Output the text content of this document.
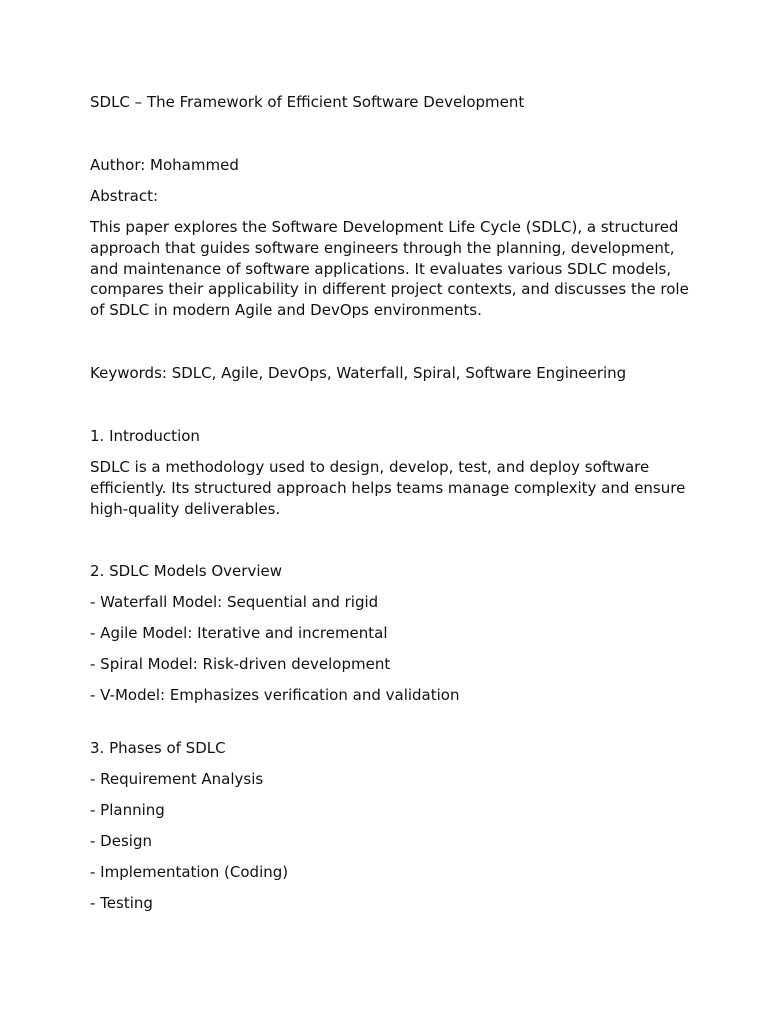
SDLC – The Framework of Efficient Software Development

Author: Mohammed

Abstract:

This paper explores the Software Development Life Cycle (SDLC), a structured approach that guides software engineers through the planning, development, and maintenance of software applications. It evaluates various SDLC models, compares their applicability in different project contexts, and discusses the role of SDLC in modern Agile and DevOps environments.

Keywords: SDLC, Agile, DevOps, Waterfall, Spiral, Software Engineering

1. Introduction

SDLC is a methodology used to design, develop, test, and deploy software efficiently. Its structured approach helps teams manage complexity and ensure high-quality deliverables.

2. SDLC Models Overview

- Waterfall Model: Sequential and rigid
- Agile Model: Iterative and incremental
- Spiral Model: Risk-driven development
- V-Model: Emphasizes verification and validation

3. Phases of SDLC

- Requirement Analysis
- Planning
- Design
- Implementation (Coding)
- Testing
